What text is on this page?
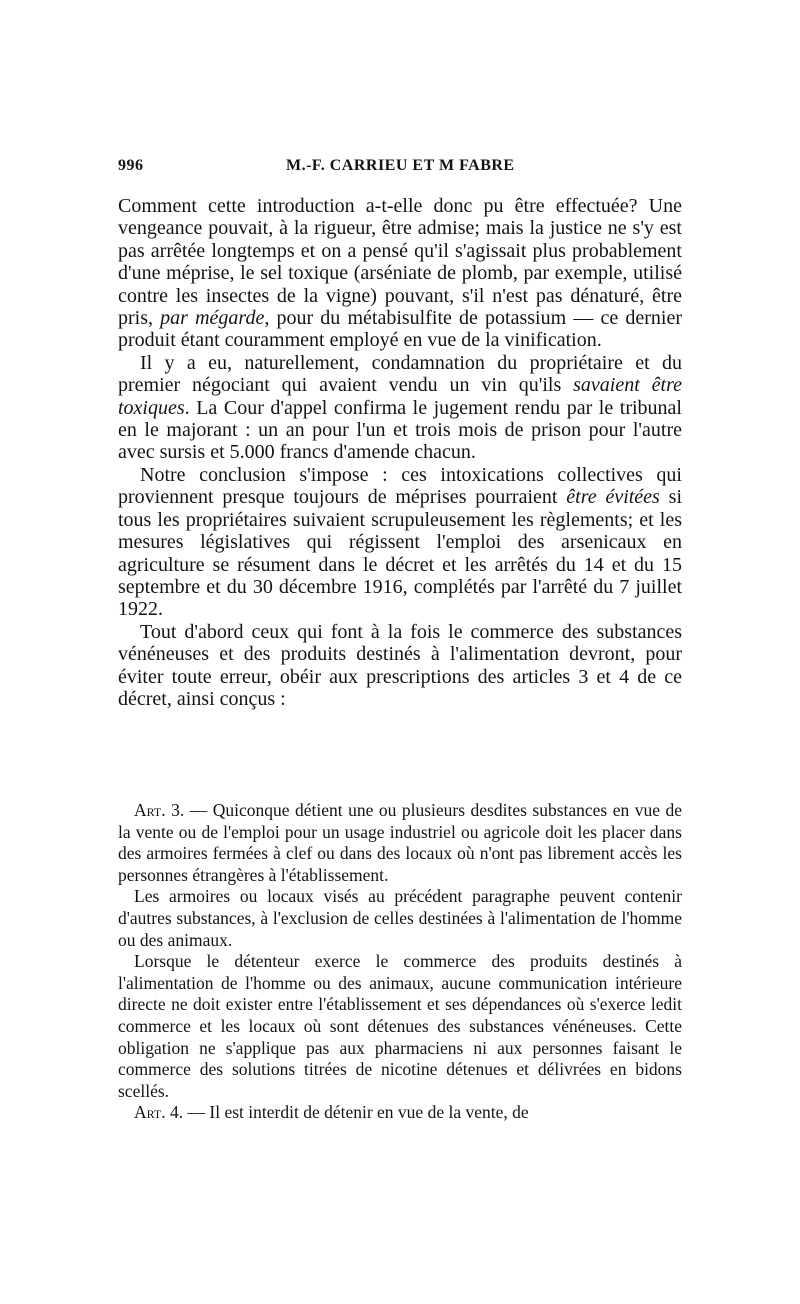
996	M.-F. CARRIEU ET M FABRE

Comment cette introduction a-t-elle donc pu être effectuée? Une vengeance pouvait, à la rigueur, être admise; mais la justice ne s'y est pas arrêtée longtemps et on a pensé qu'il s'agissait plus probablement d'une méprise, le sel toxique (arséniate de plomb, par exemple, utilisé contre les insectes de la vigne) pouvant, s'il n'est pas dénaturé, être pris, par mégarde, pour du métabisulfite de potassium — ce dernier produit étant couramment employé en vue de la vinification.

Il y a eu, naturellement, condamnation du propriétaire et du premier négociant qui avaient vendu un vin qu'ils savaient être toxiques. La Cour d'appel confirma le jugement rendu par le tribunal en le majorant : un an pour l'un et trois mois de prison pour l'autre avec sursis et 5.000 francs d'amende chacun.

Notre conclusion s'impose : ces intoxications collectives qui proviennent presque toujours de méprises pourraient être évitées si tous les propriétaires suivaient scrupuleusement les règlements; et les mesures législatives qui régissent l'emploi des arsenicaux en agriculture se résument dans le décret et les arrêtés du 14 et du 15 septembre et du 30 décembre 1916, complétés par l'arrêté du 7 juillet 1922.

Tout d'abord ceux qui font à la fois le commerce des substances vénéneuses et des produits destinés à l'alimentation devront, pour éviter toute erreur, obéir aux prescriptions des articles 3 et 4 de ce décret, ainsi conçus :

Art. 3. — Quiconque détient une ou plusieurs desdites substances en vue de la vente ou de l'emploi pour un usage industriel ou agricole doit les placer dans des armoires fermées à clef ou dans des locaux où n'ont pas librement accès les personnes étrangères à l'établissement.

Les armoires ou locaux visés au précédent paragraphe peuvent contenir d'autres substances, à l'exclusion de celles destinées à l'alimentation de l'homme ou des animaux.

Lorsque le détenteur exerce le commerce des produits destinés à l'alimentation de l'homme ou des animaux, aucune communication intérieure directe ne doit exister entre l'établissement et ses dépendances où s'exerce ledit commerce et les locaux où sont détenues des substances vénéneuses. Cette obligation ne s'applique pas aux pharmaciens ni aux personnes faisant le commerce des solutions titrées de nicotine détenues et délivrées en bidons scellés.

Art. 4. — Il est interdit de détenir en vue de la vente, de
